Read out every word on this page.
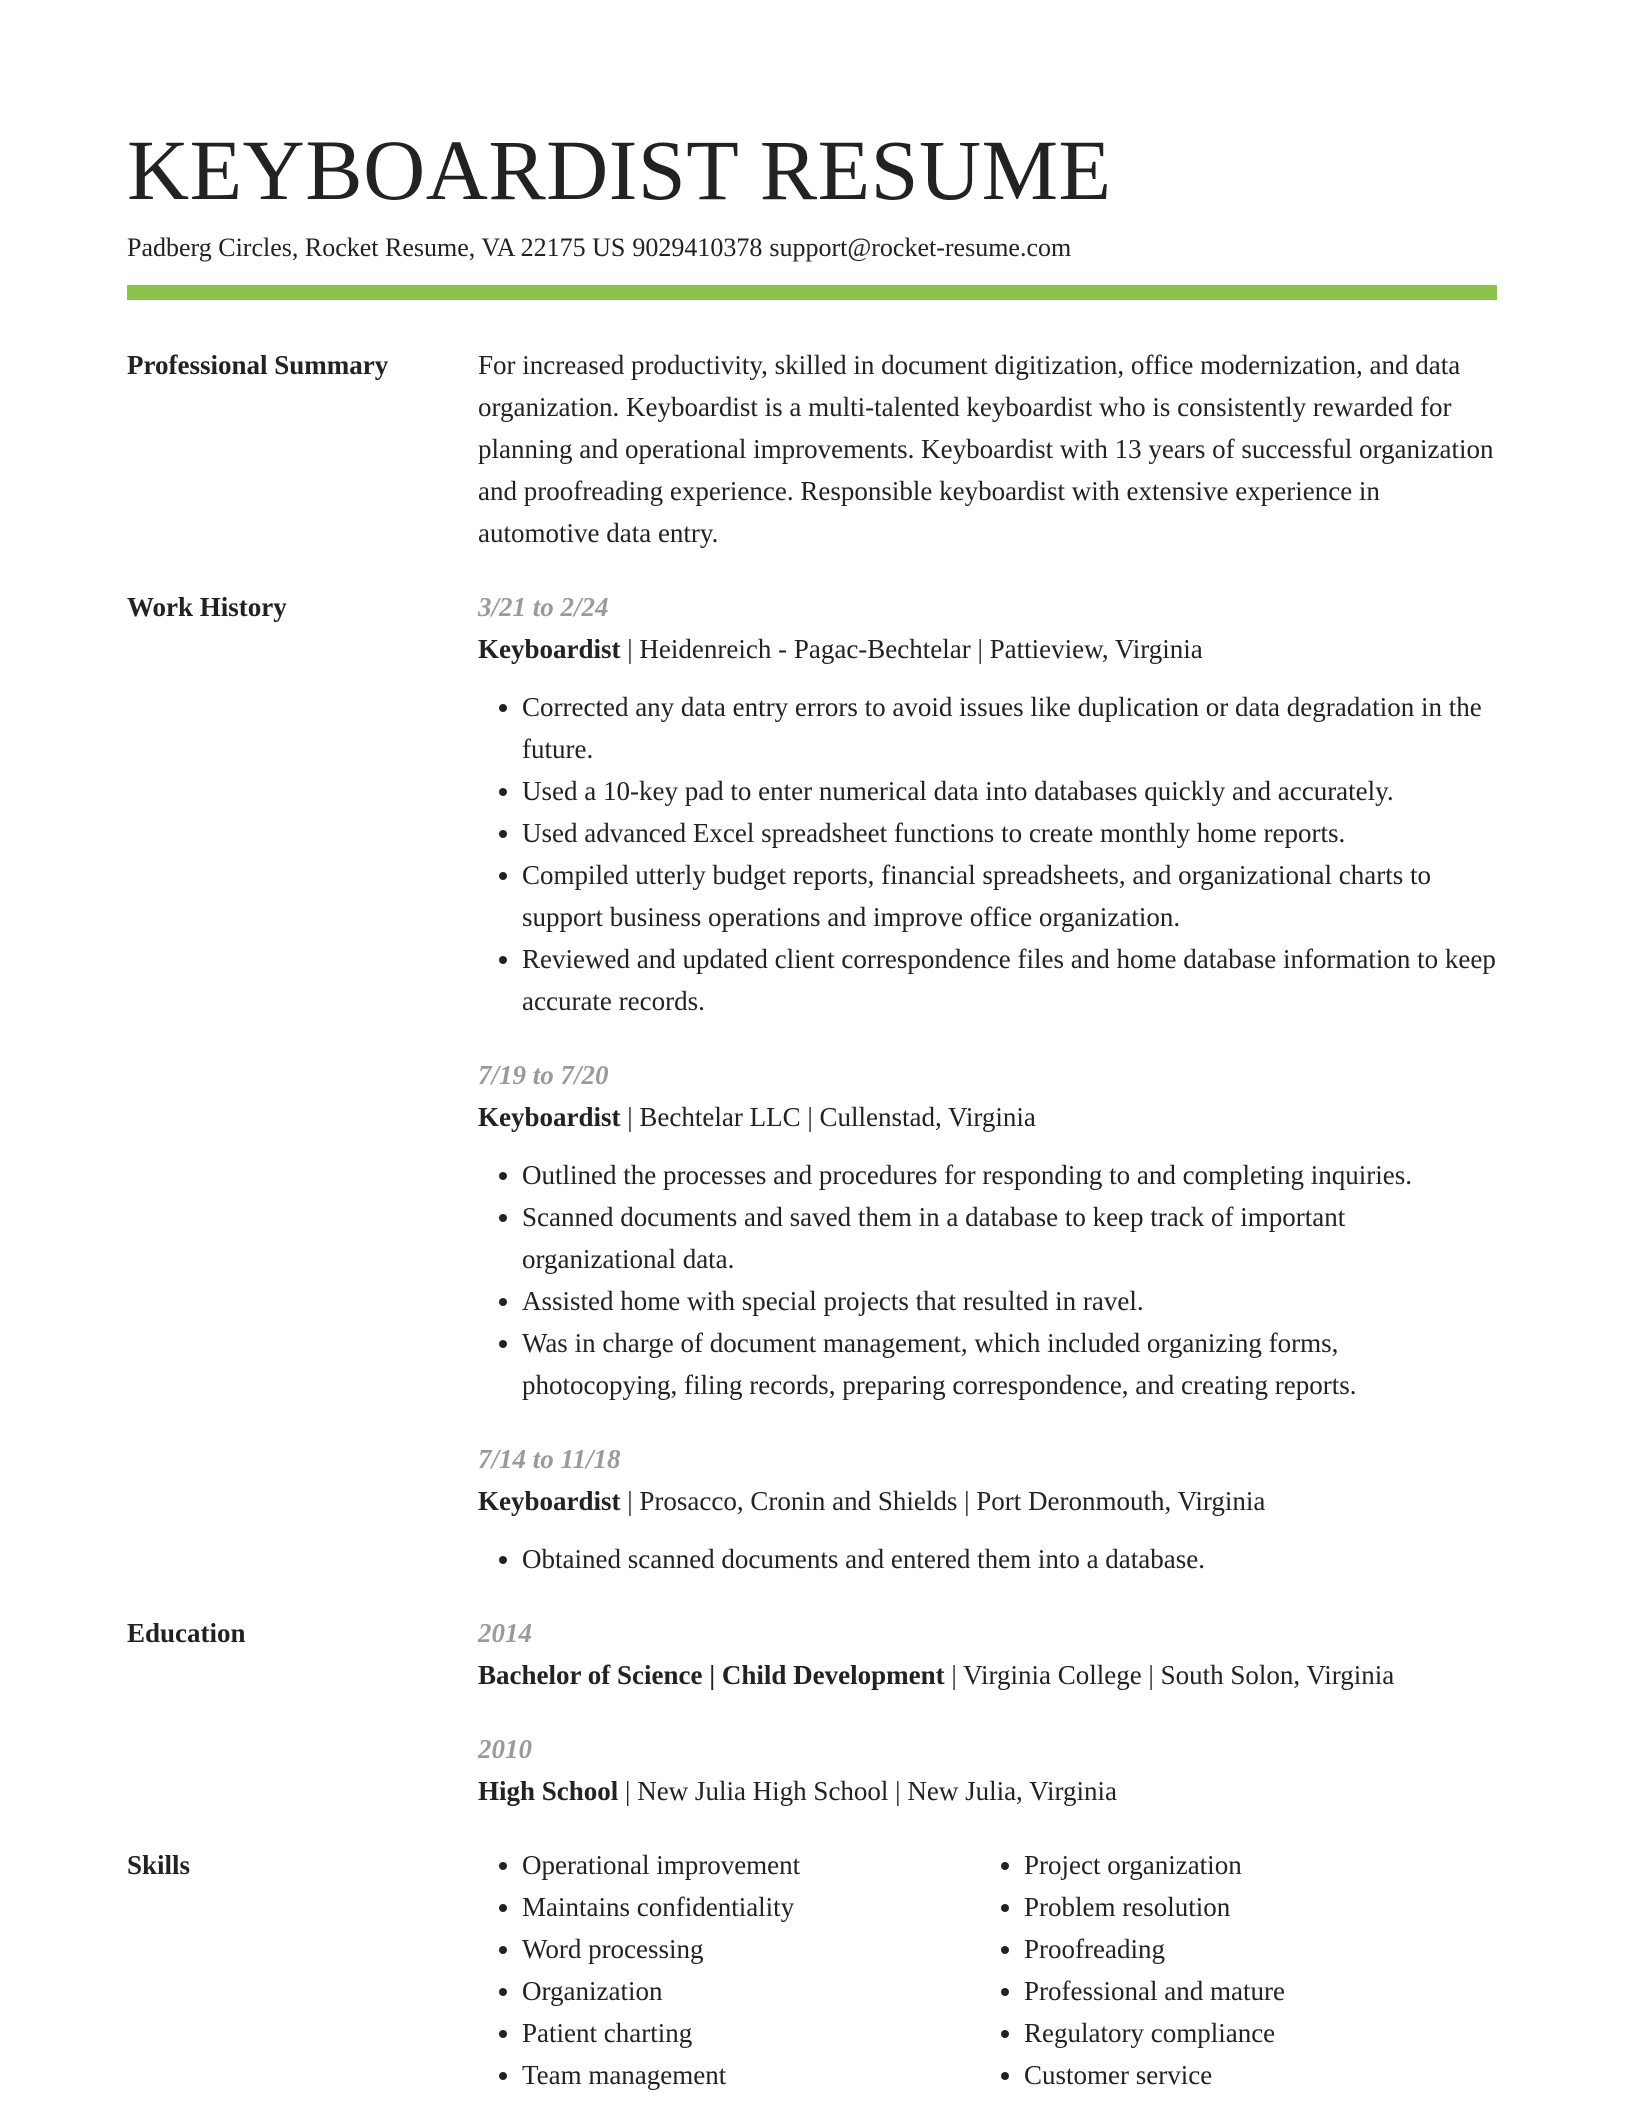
KEYBOARDIST RESUME
Padberg Circles, Rocket Resume, VA 22175 US 9029410378 support@rocket-resume.com
Professional Summary	For increased productivity, skilled in document digitization, office modernization, and data organization. Keyboardist is a multi-talented keyboardist who is consistently rewarded for planning and operational improvements. Keyboardist with 13 years of successful organization and proofreading experience. Responsible keyboardist with extensive experience in automotive data entry.

Work History	3/21 to 2/24
Keyboardist | Heidenreich - Pagac-Bechtelar | Pattieview, Virginia
• Corrected any data entry errors to avoid issues like duplication or data degradation in the future.
• Used a 10-key pad to enter numerical data into databases quickly and accurately.
• Used advanced Excel spreadsheet functions to create monthly home reports.
• Compiled utterly budget reports, financial spreadsheets, and organizational charts to support business operations and improve office organization.
• Reviewed and updated client correspondence files and home database information to keep accurate records.
7/19 to 7/20
Keyboardist | Bechtelar LLC | Cullenstad, Virginia
• Outlined the processes and procedures for responding to and completing inquiries.
• Scanned documents and saved them in a database to keep track of important organizational data.
• Assisted home with special projects that resulted in ravel.
• Was in charge of document management, which included organizing forms, photocopying, filing records, preparing correspondence, and creating reports.
7/14 to 11/18
Keyboardist | Prosacco, Cronin and Shields | Port Deronmouth, Virginia
• Obtained scanned documents and entered them into a database.
Education	2014
Bachelor of Science | Child Development | Virginia College | South Solon, Virginia
2010
High School | New Julia High School | New Julia, Virginia
Skills
•	Operational improvement
• Maintains confidentiality
• Word processing
• Organization
• Patient charting
• Team management
• Project organization
• Problem resolution
• Proofreading
• Professional and mature
• Regulatory compliance
• Customer service
